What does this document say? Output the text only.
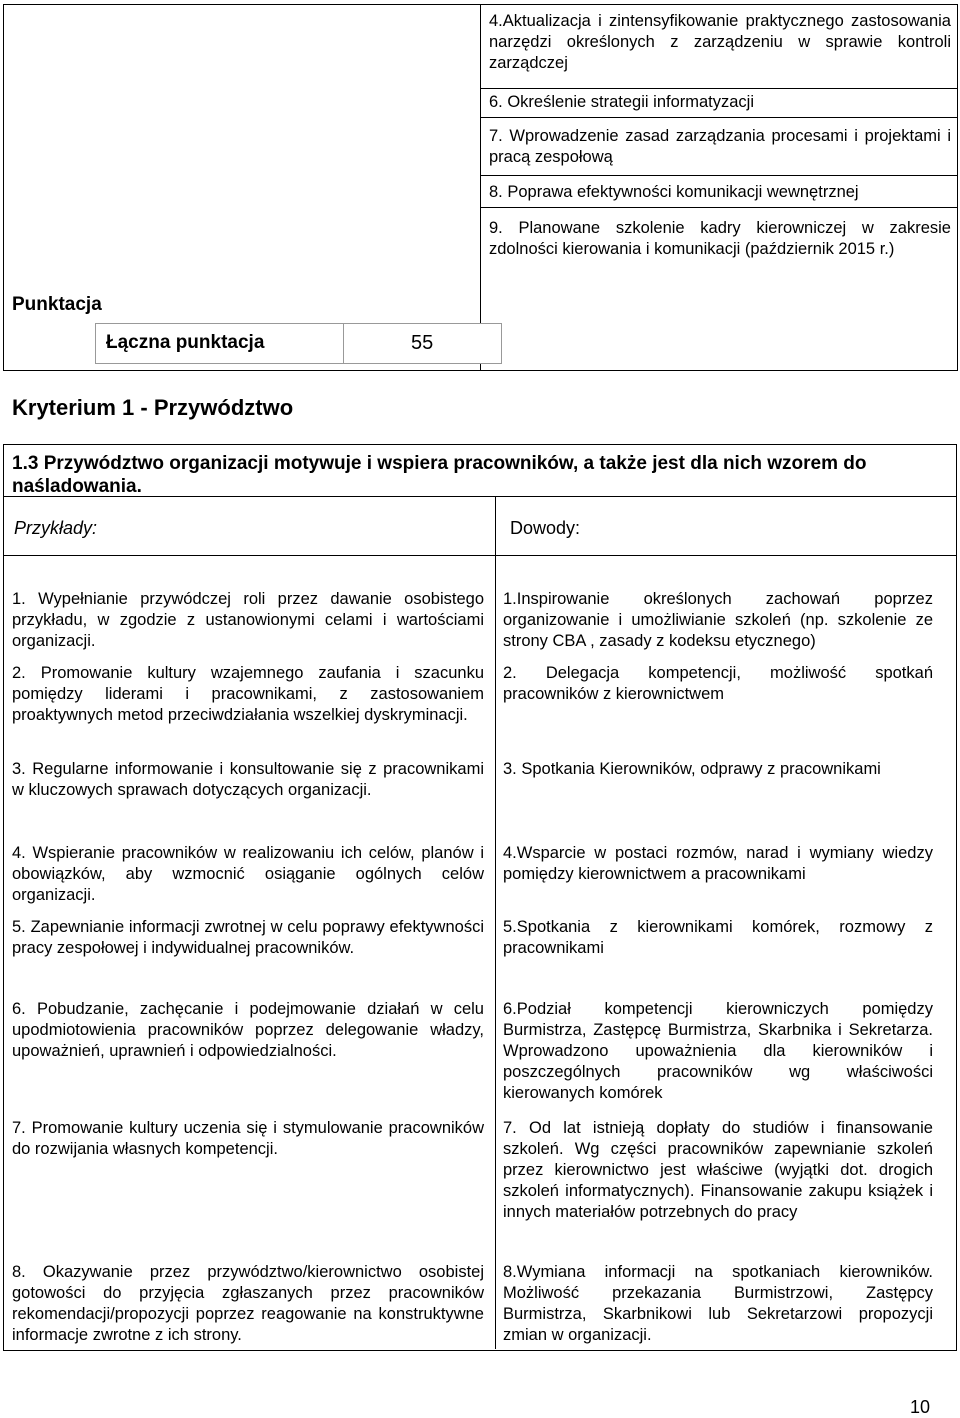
4.Aktualizacja i zintensyfikowanie praktycznego zastosowania narzędzi określonych z zarządzeniu w sprawie kontroli zarządczej
6. Określenie strategii informatyzacji
7. Wprowadzenie zasad zarządzania procesami i projektami i pracą zespołową
8. Poprawa efektywności komunikacji wewnętrznej
9. Planowane szkolenie kadry kierowniczej w zakresie zdolności kierowania i komunikacji (październik 2015 r.)
Punktacja
Łączna punktacja	55
Kryterium 1 - Przywództwo
1.3 Przywództwo organizacji motywuje i wspiera pracowników, a także jest dla nich wzorem do naśladowania.
Przykłady:	Dowody:
1. Wypełnianie przywódczej roli przez dawanie osobistego przykładu, w zgodzie z ustanowionymi celami i wartościami organizacji.
1.Inspirowanie określonych zachowań poprzez organizowanie i umożliwianie szkoleń (np. szkolenie ze strony CBA , zasady z kodeksu etycznego)
2. Promowanie kultury wzajemnego zaufania i szacunku pomiędzy liderami i pracownikami, z zastosowaniem proaktywnych metod przeciwdziałania wszelkiej dyskryminacji.
2. Delegacja kompetencji, możliwość spotkań pracowników z kierownictwem
3. Regularne informowanie i konsultowanie się z pracownikami w kluczowych sprawach dotyczących organizacji.
3. Spotkania Kierowników, odprawy z pracownikami
4. Wspieranie pracowników w realizowaniu ich celów, planów i obowiązków, aby wzmocnić osiąganie ogólnych celów organizacji.
4.Wsparcie w postaci rozmów, narad i wymiany wiedzy pomiędzy kierownictwem a pracownikami
5. Zapewnianie informacji zwrotnej w celu poprawy efektywności pracy zespołowej i indywidualnej pracowników.
5.Spotkania z kierownikami komórek, rozmowy z pracownikami
6. Pobudzanie, zachęcanie i podejmowanie działań w celu upodmiotowienia pracowników poprzez delegowanie władzy, upoważnień, uprawnień i odpowiedzialności.
6.Podział kompetencji kierowniczych pomiędzy Burmistrza, Zastępcę Burmistrza, Skarbnika i Sekretarza. Wprowadzono upoważnienia dla kierowników i poszczególnych pracowników wg właściwości kierowanych komórek
7. Promowanie kultury uczenia się i stymulowanie pracowników do rozwijania własnych kompetencji.
7. Od lat istnieją dopłaty do studiów i finansowanie szkoleń. Wg części pracowników zapewnianie szkoleń przez kierownictwo jest właściwe (wyjątki dot. drogich szkoleń informatycznych). Finansowanie zakupu książek i innych materiałów potrzebnych do pracy
8. Okazywanie przez przywództwo/kierownictwo osobistej gotowości do przyjęcia zgłaszanych przez pracowników rekomendacji/propozycji poprzez reagowanie na konstruktywne informacje zwrotne z ich strony.
8.Wymiana informacji na spotkaniach kierowników. Możliwość przekazania Burmistrzowi, Zastępcy Burmistrza, Skarbnikowi lub Sekretarzowi propozycji zmian w organizacji.
10
